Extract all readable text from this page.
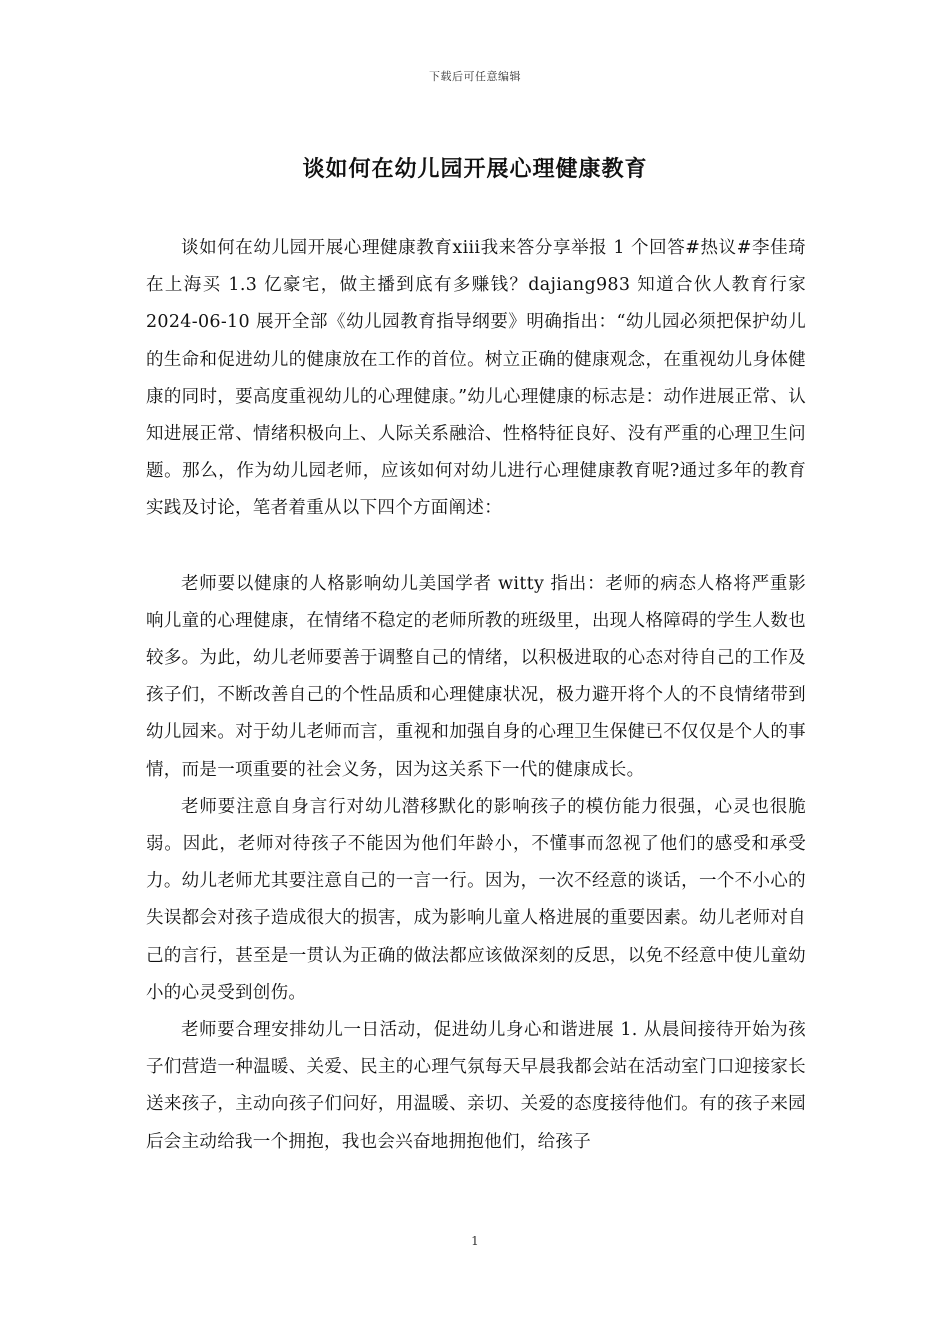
下载后可任意编辑
谈如何在幼儿园开展心理健康教育

谈如何在幼儿园开展心理健康教育xiii我来答分享举报 1 个回答#热议#李佳琦在上海买 1.3 亿豪宅，做主播到底有多赚钱？dajiang983 知道合伙人教育行家 2024-06-10 展开全部《幼儿园教育指导纲要》明确指出：“幼儿园必须把保护幼儿的生命和促进幼儿的健康放在工作的首位。树立正确的健康观念，在重视幼儿身体健康的同时，要高度重视幼儿的心理健康。”幼儿心理健康的标志是：动作进展正常、认知进展正常、情绪积极向上、人际关系融洽、性格特征良好、没有严重的心理卫生问题。那么，作为幼儿园老师，应该如何对幼儿进行心理健康教育呢?通过多年的教育实践及讨论，笔者着重从以下四个方面阐述：

老师要以健康的人格影响幼儿美国学者 witty 指出：老师的病态人格将严重影响儿童的心理健康，在情绪不稳定的老师所教的班级里，出现人格障碍的学生人数也较多。为此，幼儿老师要善于调整自己的情绪，以积极进取的心态对待自己的工作及孩子们，不断改善自己的个性品质和心理健康状况，极力避开将个人的不良情绪带到幼儿园来。对于幼儿老师而言，重视和加强自身的心理卫生保健已不仅仅是个人的事情，而是一项重要的社会义务，因为这关系下一代的健康成长。

老师要注意自身言行对幼儿潜移默化的影响孩子的模仿能力很强，心灵也很脆弱。因此，老师对待孩子不能因为他们年龄小，不懂事而忽视了他们的感受和承受力。幼儿老师尤其要注意自己的一言一行。因为，一次不经意的谈话，一个不小心的失误都会对孩子造成很大的损害，成为影响儿童人格进展的重要因素。幼儿老师对自己的言行，甚至是一贯认为正确的做法都应该做深刻的反思，以免不经意中使儿童幼小的心灵受到创伤。

老师要合理安排幼儿一日活动，促进幼儿身心和谐进展 1. 从晨间接待开始为孩子们营造一种温暖、关爱、民主的心理气氛每天早晨我都会站在活动室门口迎接家长送来孩子，主动向孩子们问好，用温暖、亲切、关爱的态度接待他们。有的孩子来园后会主动给我一个拥抱，我也会兴奋地拥抱他们，给孩子

1
